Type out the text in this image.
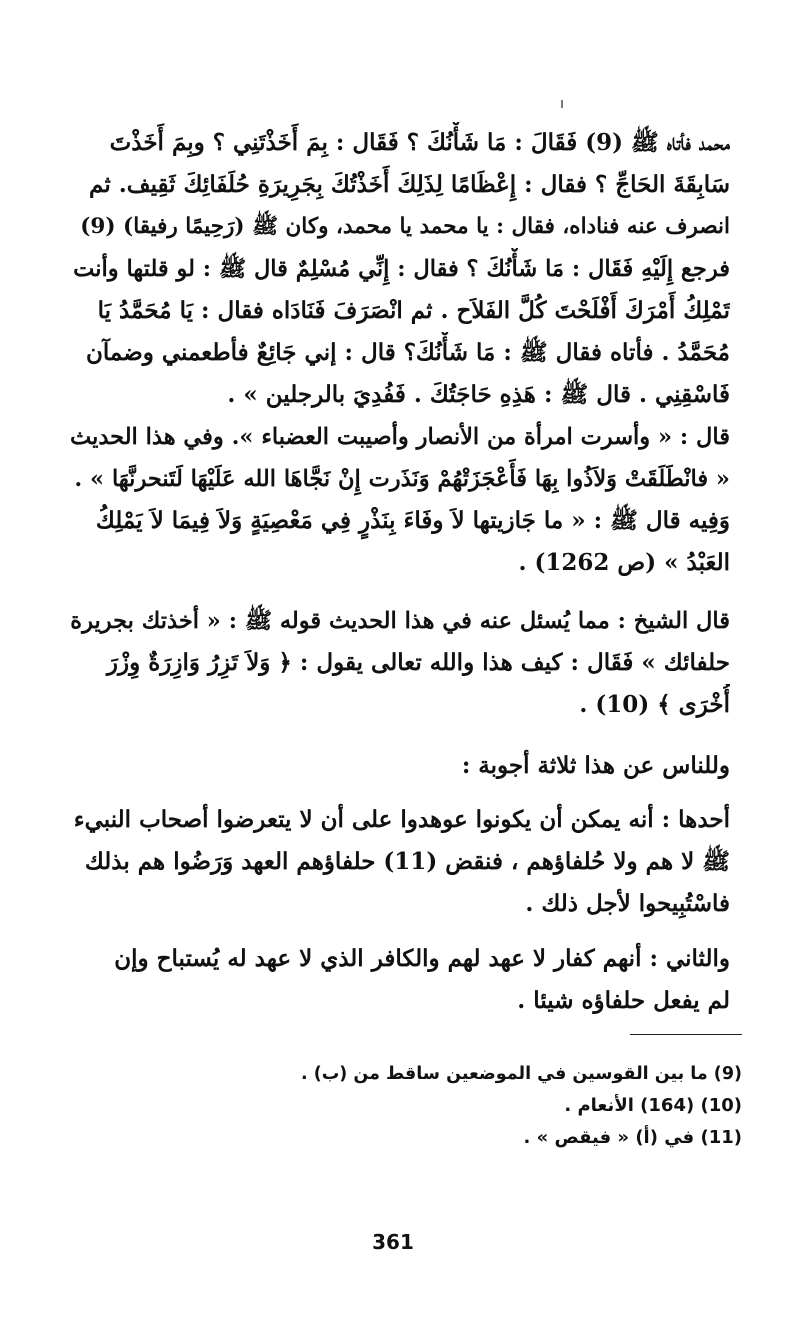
محمد فأتاه ﷺ (9) فَقَالَ : مَا شَأْنُكَ ؟ فَقَال : بِمَ أَخَذْتَنِي ؟ وبِمَ أَخَذْتَ
سَابِقَةَ الحَاجِّ ؟ فقال : إِعْظَامًا لِذَلِكَ أَخَذْتُكَ بِجَرِيرَةِ حُلَفَائِكَ ثَقِيف. ثم
انصرف عنه فناداه، فقال : يا محمد يا محمد، وكان ﷺ (رَحِيمًا رفيقا) (9)
فرجع إِلَيْهِ فَقَال : مَا شَأْنُكَ ؟ فقال : إِنِّي مُسْلِمٌ قال ﷺ : لو قلتها وأنت
تَمْلِكُ أَمْرَكَ أَفْلَحْتَ كُلَّ الفَلاَح . ثم انْصَرَفَ فَنَادَاه فقال : يَا مُحَمَّدُ يَا
مُحَمَّدُ . فأتاه فقال ﷺ : مَا شَأْنُكَ؟ قال : إني جَائِعٌ فأطعمني وضمآن
فَاسْقِنِي . قال ﷺ : هَذِهِ حَاجَتُكَ . فَفُدِيَ بالرجلين » .
قال : « وأسرت امرأة من الأنصار وأصيبت العضباء ». وفي هذا الحديث
« فانْطَلَقَتْ وَلاَذُوا بِهَا فَأَعْجَزَتْهُمْ وَنَذَرت إِنْ نَجَّاهَا الله عَلَيْهَا لَتَنحرنَّهَا » .
وَفِيه قال ﷺ : « ما جَازيتها لاَ وفَاءَ بِنَذْرٍ فِي مَعْصِيَةٍ وَلاَ فِيمَا لاَ يَمْلِكُ
العَبْدُ » (ص 1262) .
قال الشيخ : مما يُسئل عنه في هذا الحديث قوله ﷺ : « أخذتك بجريرة
حلفائك » فَقَال : كيف هذا والله تعالى يقول : ﴿ وَلاَ تَزِرُ وَازِرَةٌ وِزْرَ
أُخْرَى ﴾ (10) .
وللناس عن هذا ثلاثة أجوبة :
أحدها : أنه يمكن أن يكونوا عوهدوا على أن لا يتعرضوا أصحاب النبيء
ﷺ لا هم ولا حُلفاؤهم ، فنقض (11) حلفاؤهم العهد وَرَضُوا هم بذلك
فاسْتُبِيحوا لأجل ذلك .
والثاني : أنهم كفار لا عهد لهم والكافر الذي لا عهد له يُستباح وإن
لم يفعل حلفاؤه شيئا .
(9) ما بين القوسين في الموضعين ساقط من (ب) .
(10) (164) الأنعام .
(11) في (أ) « فيقص » .
361
